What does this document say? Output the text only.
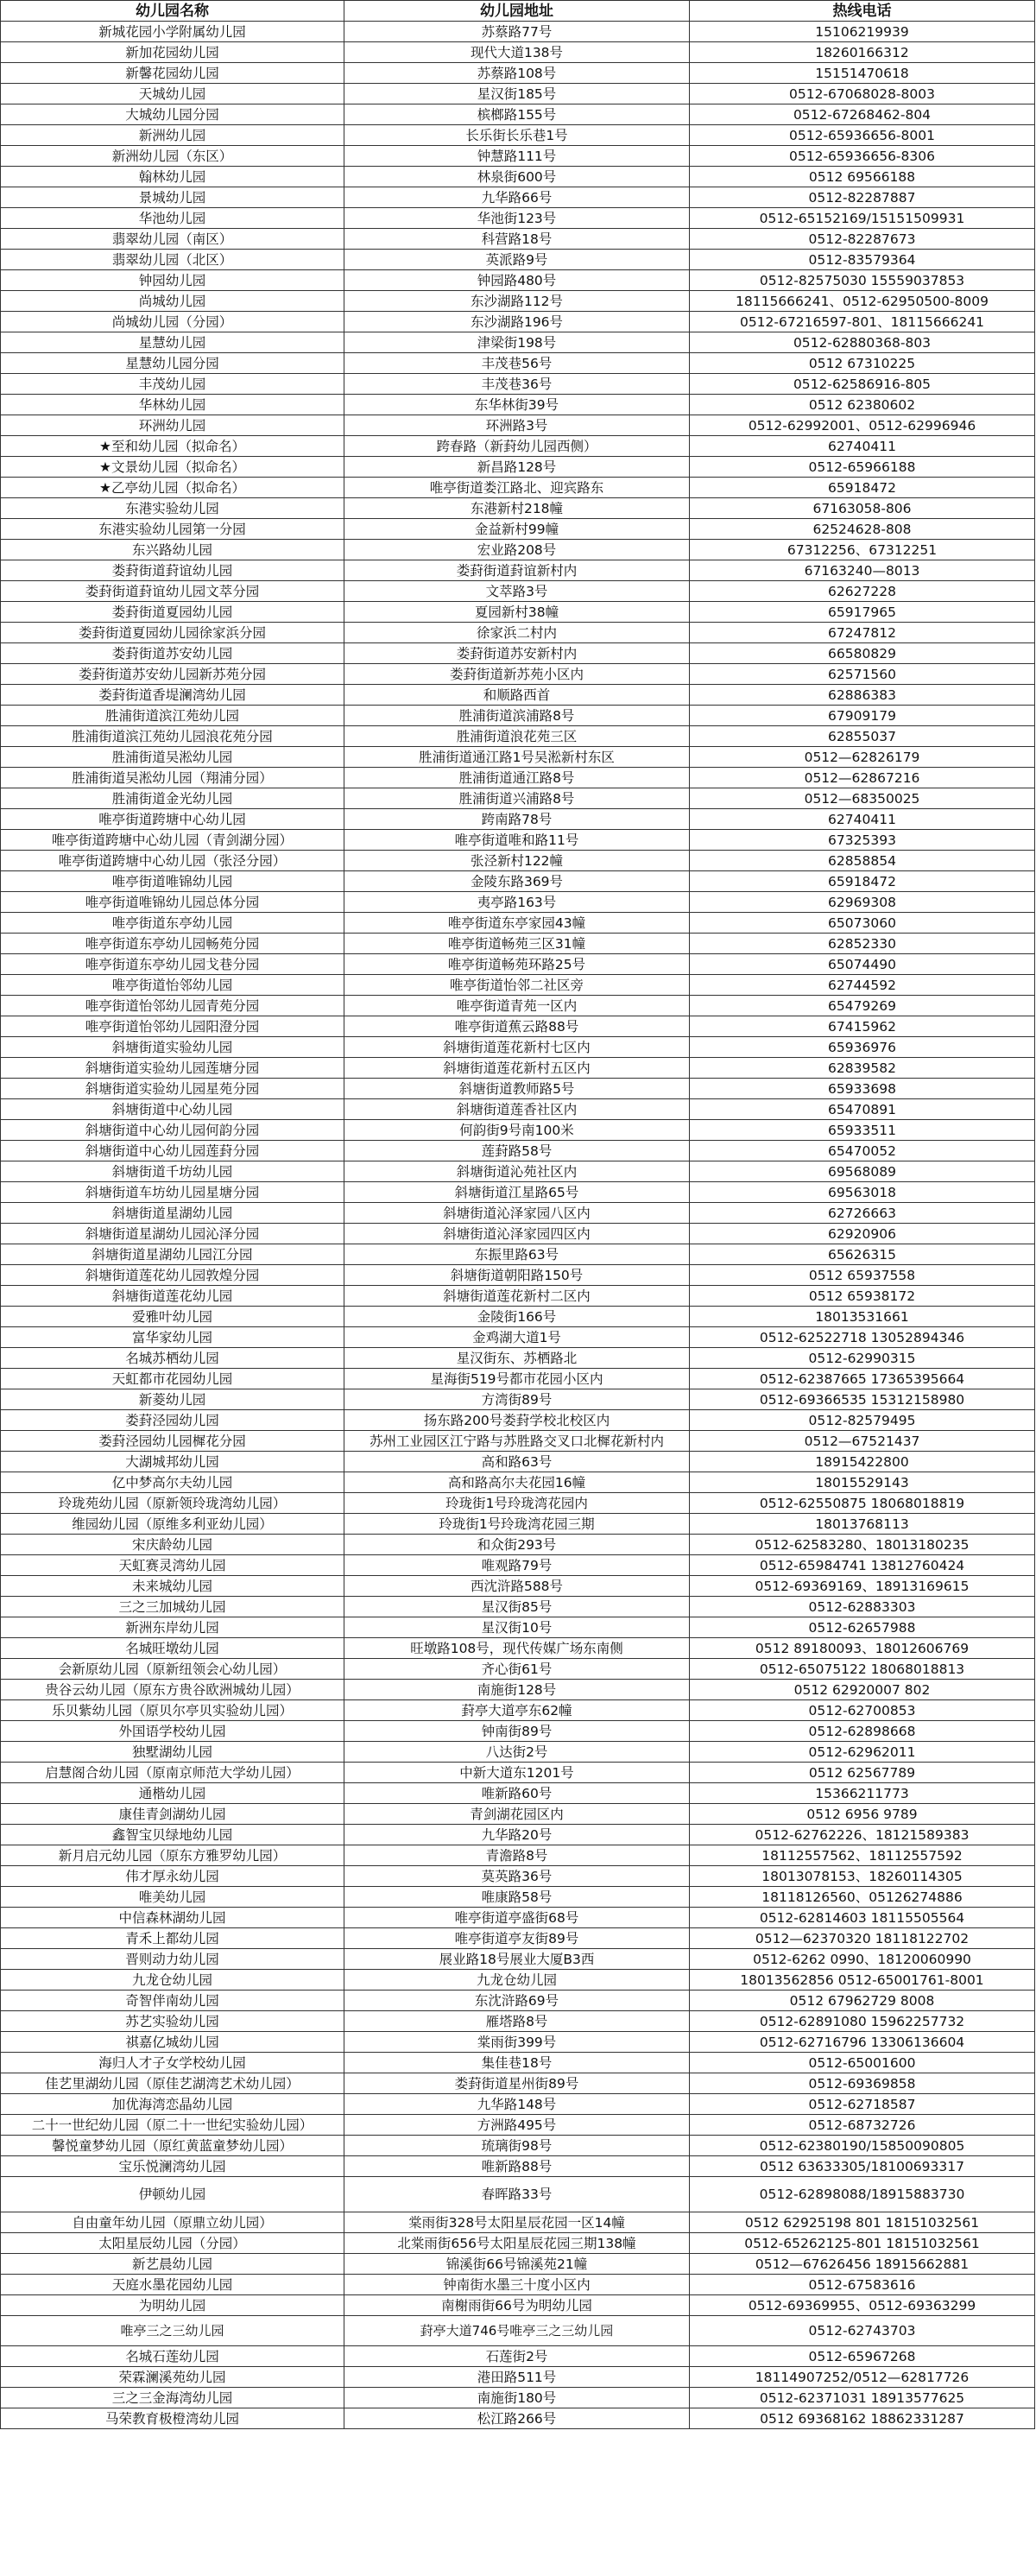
幼儿园名称	幼儿园地址	热线电话
新城花园小学附属幼儿园	苏蔡路77号	15106219939
新加花园幼儿园	现代大道138号	18260166312
新馨花园幼儿园	苏蔡路108号	15151470618
天城幼儿园	星汉街185号	0512-67068028-8003
大城幼儿园分园	槟榔路155号	0512-67268462-804
新洲幼儿园	长乐街长乐巷1号	0512-65936656-8001
新洲幼儿园（东区）	钟慧路111号	0512-65936656-8306
翰林幼儿园	林泉街600号	0512 69566188
景城幼儿园	九华路66号	0512-82287887
华池幼儿园	华池街123号	0512-65152169/15151509931
翡翠幼儿园（南区）	科营路18号	0512-82287673
翡翠幼儿园（北区）	英派路9号	0512-83579364
钟园幼儿园	钟园路480号	0512-82575030 15559037853
尚城幼儿园	东沙湖路112号	18115666241、0512-62950500-8009
尚城幼儿园（分园）	东沙湖路196号	0512-67216597-801、18115666241
星慧幼儿园	津梁街198号	0512-62880368-803
星慧幼儿园分园	丰茂巷56号	0512 67310225
丰茂幼儿园	丰茂巷36号	0512-62586916-805
华林幼儿园	东华林街39号	0512 62380602
环洲幼儿园	环洲路3号	0512-62992001、0512-62996946
★至和幼儿园（拟命名）	跨春路（新葑幼儿园西侧）	62740411
★文景幼儿园（拟命名）	新昌路128号	0512-65966188
★乙亭幼儿园（拟命名）	唯亭街道娄江路北、迎宾路东	65918472
东港实验幼儿园	东港新村218幢	67163058-806
东港实验幼儿园第一分园	金益新村99幢	62524628-808
东兴路幼儿园	宏业路208号	67312256、67312251
娄葑街道葑谊幼儿园	娄葑街道葑谊新村内	67163240—8013
娄葑街道葑谊幼儿园文萃分园	文萃路3号	62627228
娄葑街道夏园幼儿园	夏园新村38幢	65917965
娄葑街道夏园幼儿园徐家浜分园	徐家浜二村内	67247812
娄葑街道苏安幼儿园	娄葑街道苏安新村内	66580829
娄葑街道苏安幼儿园新苏苑分园	娄葑街道新苏苑小区内	62571560
娄葑街道香堤澜湾幼儿园	和顺路西首	62886383
胜浦街道滨江苑幼儿园	胜浦街道滨浦路8号	67909179
胜浦街道滨江苑幼儿园浪花苑分园	胜浦街道浪花苑三区	62855037
胜浦街道吴淞幼儿园	胜浦街道通江路1号吴淞新村东区	0512—62826179
胜浦街道吴淞幼儿园（翔浦分园）	胜浦街道通江路8号	0512—62867216
胜浦街道金光幼儿园	胜浦街道兴浦路8号	0512—68350025
唯亭街道跨塘中心幼儿园	跨南路78号	62740411
唯亭街道跨塘中心幼儿园（青剑湖分园）	唯亭街道唯和路11号	67325393
唯亭街道跨塘中心幼儿园（张泾分园）	张泾新村122幢	62858854
唯亭街道唯锦幼儿园	金陵东路369号	65918472
唯亭街道唯锦幼儿园总体分园	夷亭路163号	62969308
唯亭街道东亭幼儿园	唯亭街道东亭家园43幢	65073060
唯亭街道东亭幼儿园畅苑分园	唯亭街道畅苑三区31幢	62852330
唯亭街道东亭幼儿园戈巷分园	唯亭街道畅苑环路25号	65074490
唯亭街道怡邻幼儿园	唯亭街道怡邻二社区旁	62744592
唯亭街道怡邻幼儿园青苑分园	唯亭街道青苑一区内	65479269
唯亭街道怡邻幼儿园阳澄分园	唯亭街道蕉云路88号	67415962
斜塘街道实验幼儿园	斜塘街道莲花新村七区内	65936976
斜塘街道实验幼儿园莲塘分园	斜塘街道莲花新村五区内	62839582
斜塘街道实验幼儿园星苑分园	斜塘街道教师路5号	65933698
斜塘街道中心幼儿园	斜塘街道莲香社区内	65470891
斜塘街道中心幼儿园何韵分园	何韵街9号南100米	65933511
斜塘街道中心幼儿园莲葑分园	莲葑路58号	65470052
斜塘街道千坊幼儿园	斜塘街道沁苑社区内	69568089
斜塘街道车坊幼儿园星塘分园	斜塘街道江星路65号	69563018
斜塘街道星湖幼儿园	斜塘街道沁泽家园八区内	62726663
斜塘街道星湖幼儿园沁泽分园	斜塘街道沁泽家园四区内	62920906
斜塘街道星湖幼儿园江分园	东振里路63号	65626315
斜塘街道莲花幼儿园敦煌分园	斜塘街道朝阳路150号	0512 65937558
斜塘街道莲花幼儿园	斜塘街道莲花新村二区内	0512 65938172
爱雅叶幼儿园	金陵街166号	18013531661
富华家幼儿园	金鸡湖大道1号	0512-62522718 13052894346
名城苏栖幼儿园	星汉街东、苏栖路北	0512-62990315
天虹都市花园幼儿园	星海街519号都市花园小区内	0512-62387665 17365395664
新菱幼儿园	方湾街89号	0512-69366535 15312158980
娄葑泾园幼儿园	扬东路200号娄葑学校北校区内	0512-82579495
娄葑泾园幼儿园樨花分园	苏州工业园区江宁路与苏胜路交叉口北樨花新村内	0512—67521437
大湖城邦幼儿园	高和路63号	18915422800
亿中梦高尔夫幼儿园	高和路高尔夫花园16幢	18015529143
玲珑苑幼儿园（原新领玲珑湾幼儿园）	玲珑街1号玲珑湾花园内	0512-62550875 18068018819
维园幼儿园（原维多利亚幼儿园）	玲珑街1号玲珑湾花园三期	18013768113
宋庆龄幼儿园	和众街293号	0512-62583280、18013180235
天虹赛灵湾幼儿园	唯观路79号	0512-65984741 13812760424
未来城幼儿园	西沈浒路588号	0512-69369169、18913169615
三之三加城幼儿园	星汉街85号	0512-62883303
新洲东岸幼儿园	星汉街10号	0512-62657988
名城旺墩幼儿园	旺墩路108号，现代传媒广场东南侧	0512 89180093、18012606769
会新原幼儿园（原新纽领会心幼儿园）	齐心街61号	0512-65075122 18068018813
贵谷云幼儿园（原东方贵谷欧洲城幼儿园）	南施街128号	0512 62920007 802
乐贝紫幼儿园（原贝尔亭贝实验幼儿园）	葑亭大道亭东62幢	0512-62700853
外国语学校幼儿园	钟南街89号	0512-62898668
独墅湖幼儿园	八达街2号	0512-62962011
启慧阁合幼儿园（原南京师范大学幼儿园）	中新大道东1201号	0512 62567789
通楷幼儿园	唯新路60号	15366211773
康佳青剑湖幼儿园	青剑湖花园区内	0512 6956 9789
鑫智宝贝绿地幼儿园	九华路20号	0512-62762226、18121589383
新月启元幼儿园（原东方雅罗幼儿园）	青澹路8号	18112557562、18112557592
伟才厚永幼儿园	莫英路36号	18013078153、18260114305
唯美幼儿园	唯康路58号	18118126560、05126274886
中信森林湖幼儿园	唯亭街道亭盛街68号	0512-62814603 18115505564
青禾上都幼儿园	唯亭街道亭友街89号	0512—62370320 18118122702
晋则动力幼儿园	展业路18号展业大厦B3西	0512-6262 0990、18120060990
九龙仓幼儿园	九龙仓幼儿园	18013562856 0512-65001761-8001
奇智伴南幼儿园	东沈浒路69号	0512 67962729 8008
苏艺实验幼儿园	雁塔路8号	0512-62891080 15962257732
祺嘉亿城幼儿园	棠雨街399号	0512-62716796 13306136604
海归人才子女学校幼儿园	集佳巷18号	0512-65001600
佳艺里湖幼儿园（原佳艺湖湾艺术幼儿园）	娄葑街道星州街89号	0512-69369858
加优海湾恋晶幼儿园	九华路148号	0512-62718587
二十一世纪幼儿园（原二十一世纪实验幼儿园）	方洲路495号	0512-68732726
馨悦童梦幼儿园（原红黄蓝童梦幼儿园）	琉璃街98号	0512-62380190/15850090805
宝乐悦澜湾幼儿园	唯新路88号	0512 63633305/18100693317
伊顿幼儿园	春晖路33号	0512-62898088/18915883730
自由童年幼儿园（原鼎立幼儿园）	棠雨街328号太阳星辰花园一区14幢	0512 62925198 801 18151032561
太阳星辰幼儿园（分园）	北棠雨街656号太阳星辰花园三期138幢	0512-65262125-801 18151032561
新艺晨幼儿园	锦溪街66号锦溪苑21幢	0512—67626456 18915662881
天庭水墨花园幼儿园	钟南街水墨三十度小区内	0512-67583616
为明幼儿园	南榭雨街66号为明幼儿园	0512-69369955、0512-69363299
唯亭三之三幼儿园	葑亭大道746号唯亭三之三幼儿园	0512-62743703
名城石莲幼儿园	石莲街2号	0512-65967268
荣霖澜溪苑幼儿园	港田路511号	18114907252/0512—62817726
三之三金海湾幼儿园	南施街180号	0512-62371031 18913577625
马荣教育极橙湾幼儿园	松江路266号	0512 69368162 18862331287
